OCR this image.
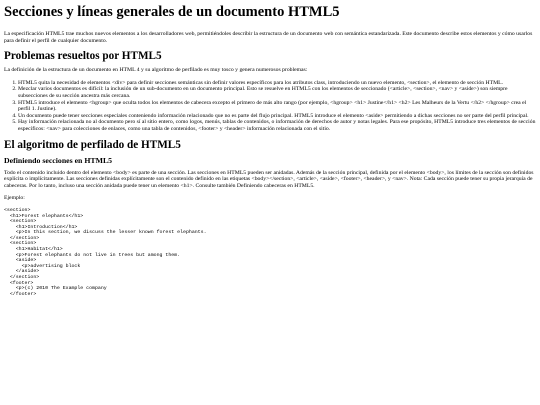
Secciones y líneas generales de un documento HTML5

La especificación HTML5 trae muchos nuevos elementos a los desarrolladores web, permitiéndoles describir la estructura de un documento web con semántica estandarizada. Este documento describe estos elementos y cómo usarlos para definir el perfil de cualquier documento.

Problemas resueltos por HTML5

La definición de la estructura de un documento en HTML 4 y su algoritmo de perfilado es muy tosco y genera numerosos problemas:

1. HTML5 quita la necesidad de elementos <div> para definir secciones semánticas sin definir valores específicos para los atributos class, introduciendo un nuevo elemento, <section>, el elemento de sección HTML.
2. Mezclar varios documentos es difícil: la inclusión de un sub-documento en un documento principal. Esto se resuelve en HTML5 con los elementos de seccionado (<article>, <section>, <nav> y <aside>) son siempre subsecciones de su sección ancestra más cercana.
3. HTML5 introduce el elemento <hgroup> que oculta todos los elementos de cabecera excepto el primero de más alto rango (por ejemplo, <hgroup> <h1> Justine</h1> <h2> Les Malheurs de la Vertu </h2> </hgroup> crea el perfil 1. Justine).
4. Un documento puede tener secciones especiales conteniendo información relacionado que no es parte del flujo principal. HTML5 introduce el elemento <aside> permitiendo a dichas secciones no ser parte del perfil principal.
5. Hay información relacionada no al documento pero sí al sitio entero, como logos, menús, tablas de contenidos, o información de derechos de autor y notas legales. Para ese propósito, HTML5 introduce tres elementos de sección específicos: <nav> para colecciones de enlaces, como una tabla de contenidos, <footer> y <header> información relacionada con el sitio.
El algoritmo de perfilado de HTML5
Definiendo secciones en HTML5

Todo el contenido incluido dentro del elemento <body> es parte de una sección. Las secciones en HTML5 pueden ser anidadas. Además de la sección principal, definida por el elemento <body>, los límites de la sección son definidos explícita o implícitamente. Las secciones definidas explícitamente son el contenido definido en las etiquetas <body></section>, <article>, <aside>, <footer>, <header>, y <nav>. Nota: Cada sección puede tener su propia jerarquía de cabeceras. Por lo tanto, incluso una sección anidada puede tener un elemento <h1>. Consulte también Definiendo cabeceras en HTML5.

Ejemplo:

<section>
<h1>Forest elephants</h1>
<section>
<h1>Introduction</h1>
<p>In this section, we discuss the lesser known forest elephants.
</section>
<section>
<h1>Habitat</h1>
<p>Forest elephants do not live in trees but among them.
<aside>
<p>advertising block
</aside>
</section>
<footer>
<p>(c) 2010 The Example company
</footer>
